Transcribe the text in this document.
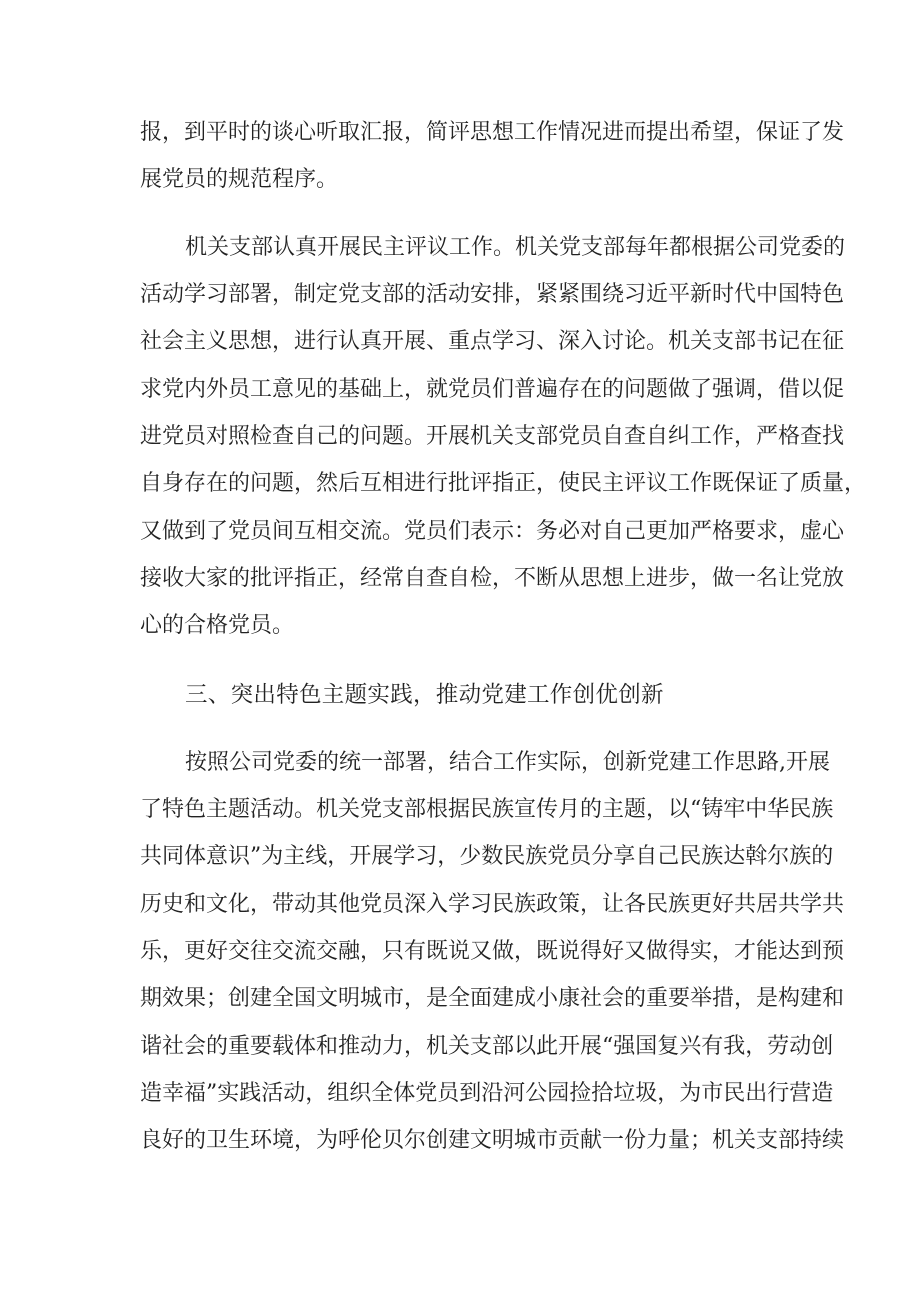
报，到平时的谈心听取汇报，简评思想工作情况进而提出希望，保证了发
展党员的规范程序。
机关支部认真开展民主评议工作。机关党支部每年都根据公司党委的
活动学习部署，制定党支部的活动安排，紧紧围绕习近平新时代中国特色
社会主义思想，进行认真开展、重点学习、深入讨论。机关支部书记在征
求党内外员工意见的基础上，就党员们普遍存在的问题做了强调，借以促
进党员对照检查自己的问题。开展机关支部党员自查自纠工作，严格查找
自身存在的问题，然后互相进行批评指正，使民主评议工作既保证了质量，
又做到了党员间互相交流。党员们表示：务必对自己更加严格要求，虚心
接收大家的批评指正，经常自查自检，不断从思想上进步，做一名让党放
心的合格党员。
三、突出特色主题实践，推动党建工作创优创新
按照公司党委的统一部署，结合工作实际，创新党建工作思路,开展
了特色主题活动。机关党支部根据民族宣传月的主题，以“铸牢中华民族
共同体意识”为主线，开展学习，少数民族党员分享自己民族达斡尔族的
历史和文化，带动其他党员深入学习民族政策，让各民族更好共居共学共
乐，更好交往交流交融，只有既说又做，既说得好又做得实，才能达到预
期效果；创建全国文明城市，是全面建成小康社会的重要举措，是构建和
谐社会的重要载体和推动力，机关支部以此开展“强国复兴有我，劳动创
造幸福”实践活动，组织全体党员到沿河公园捡拾垃圾，为市民出行营造
良好的卫生环境，为呼伦贝尔创建文明城市贡献一份力量；机关支部持续
